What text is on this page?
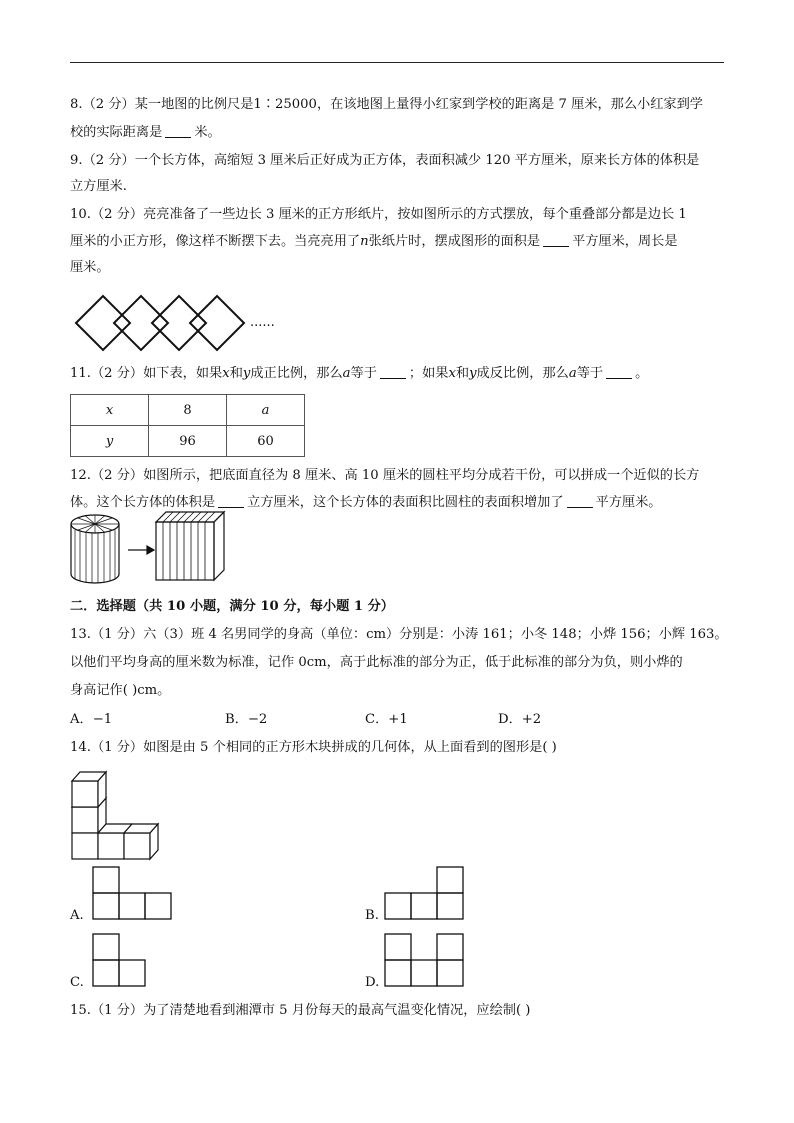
8.（2 分）某一地图的比例尺是1∶25000，在该地图上量得小红家到学校的距离是 7 厘米，那么小红家到学
校的实际距离是 米。
9.（2 分）一个长方体，高缩短 3 厘米后正好成为正方体，表面积减少 120 平方厘米，原来长方体的体积是
立方厘米.
10.（2 分）亮亮准备了一些边长 3 厘米的正方形纸片，按如图所示的方式摆放，每个重叠部分都是边长 1
厘米的小正方形，像这样不断摆下去。当亮亮用了n张纸片时，摆成图形的面积是 平方厘米，周长是
厘米。
······
11.（2 分）如下表，如果x和y成正比例，那么a等于 ；如果x和y成反比例，那么a等于 。
x	8	a
y	96	60
12.（2 分）如图所示，把底面直径为 8 厘米、高 10 厘米的圆柱平均分成若干份，可以拼成一个近似的长方
体。这个长方体的体积是 立方厘米，这个长方体的表面积比圆柱的表面积增加了 平方厘米。
二．选择题（共 10 小题，满分 10 分，每小题 1 分）
13.（1 分）六（3）班 4 名男同学的身高（单位：cm）分别是：小涛 161；小冬 148；小烨 156；小辉 163。
以他们平均身高的厘米数为标准，记作 0cm，高于此标准的部分为正，低于此标准的部分为负，则小烨的
身高记作( )cm。
A．−1	B．−2	C．+1	D．+2
14.（1 分）如图是由 5 个相同的正方形木块拼成的几何体，从上面看到的图形是( )
A.	B.
C.	D.
15.（1 分）为了清楚地看到湘潭市 5 月份每天的最高气温变化情况，应绘制( )
